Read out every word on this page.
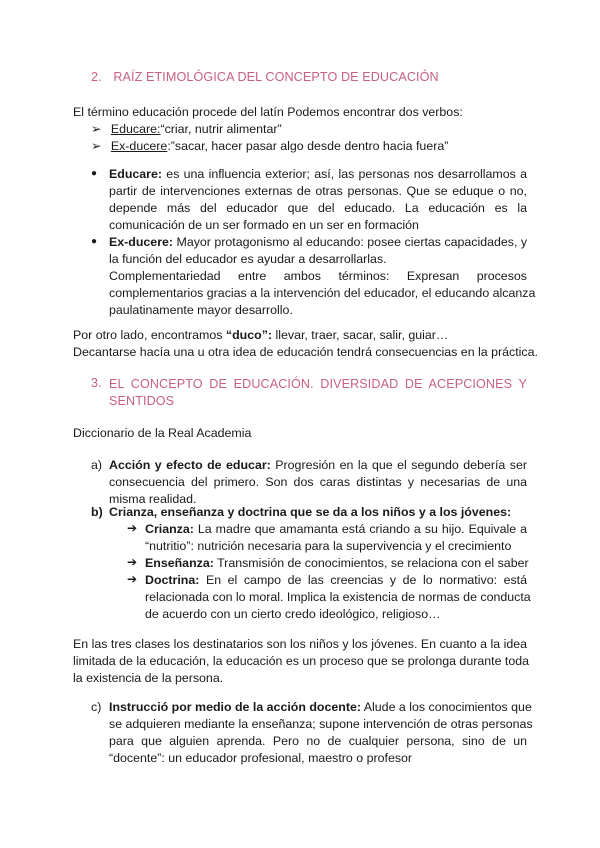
2. RAÍZ ETIMOLÓGICA DEL CONCEPTO DE EDUCACIÓN
El término educación procede del latín Podemos encontrar dos verbos:
➢ Educare:“criar, nutrir alimentar”
➢ Ex-ducere:”sacar, hacer pasar algo desde dentro hacia fuera”
● Educare: es una influencia exterior; así, las personas nos desarrollamos a
partir de intervenciones externas de otras personas. Que se eduque o no,
depende más del educador que del educado. La educación es la
comunicación de un ser formado en un ser en formación
● Ex-ducere: Mayor protagonismo al educando: posee ciertas capacidades, y
la función del educador es ayudar a desarrollarlas.
Complementariedad entre ambos términos: Expresan procesos
complementarios gracias a la intervención del educador, el educando alcanza
paulatinamente mayor desarrollo.
Por otro lado, encontramos “duco”: llevar, traer, sacar, salir, guiar…
Decantarse hacía una u otra idea de educación tendrá consecuencias en la práctica.
3. EL CONCEPTO DE EDUCACIÓN. DIVERSIDAD DE ACEPCIONES Y
SENTIDOS
Diccionario de la Real Academia
a) Acción y efecto de educar: Progresión en la que el segundo debería ser
consecuencia del primero. Son dos caras distintas y necesarias de una
misma realidad.
b) Crianza, enseñanza y doctrina que se da a los niños y a los jóvenes:
➔ Crianza: La madre que amamanta está criando a su hijo. Equivale a
“nutritio”: nutrición necesaria para la supervivencia y el crecimiento
➔ Enseñanza: Transmisión de conocimientos, se relaciona con el saber
➔ Doctrina: En el campo de las creencias y de lo normativo: está
relacionada con lo moral. Implica la existencia de normas de conducta
de acuerdo con un cierto credo ideológico, religioso…
En las tres clases los destinatarios son los niños y los jóvenes. En cuanto a la idea
limitada de la educación, la educación es un proceso que se prolonga durante toda
la existencia de la persona.
c) Instrucció por medio de la acción docente: Alude a los conocimientos que
se adquieren mediante la enseñanza; supone intervención de otras personas
para que alguien aprenda. Pero no de cualquier persona, sino de un
“docente”: un educador profesional, maestro o profesor
